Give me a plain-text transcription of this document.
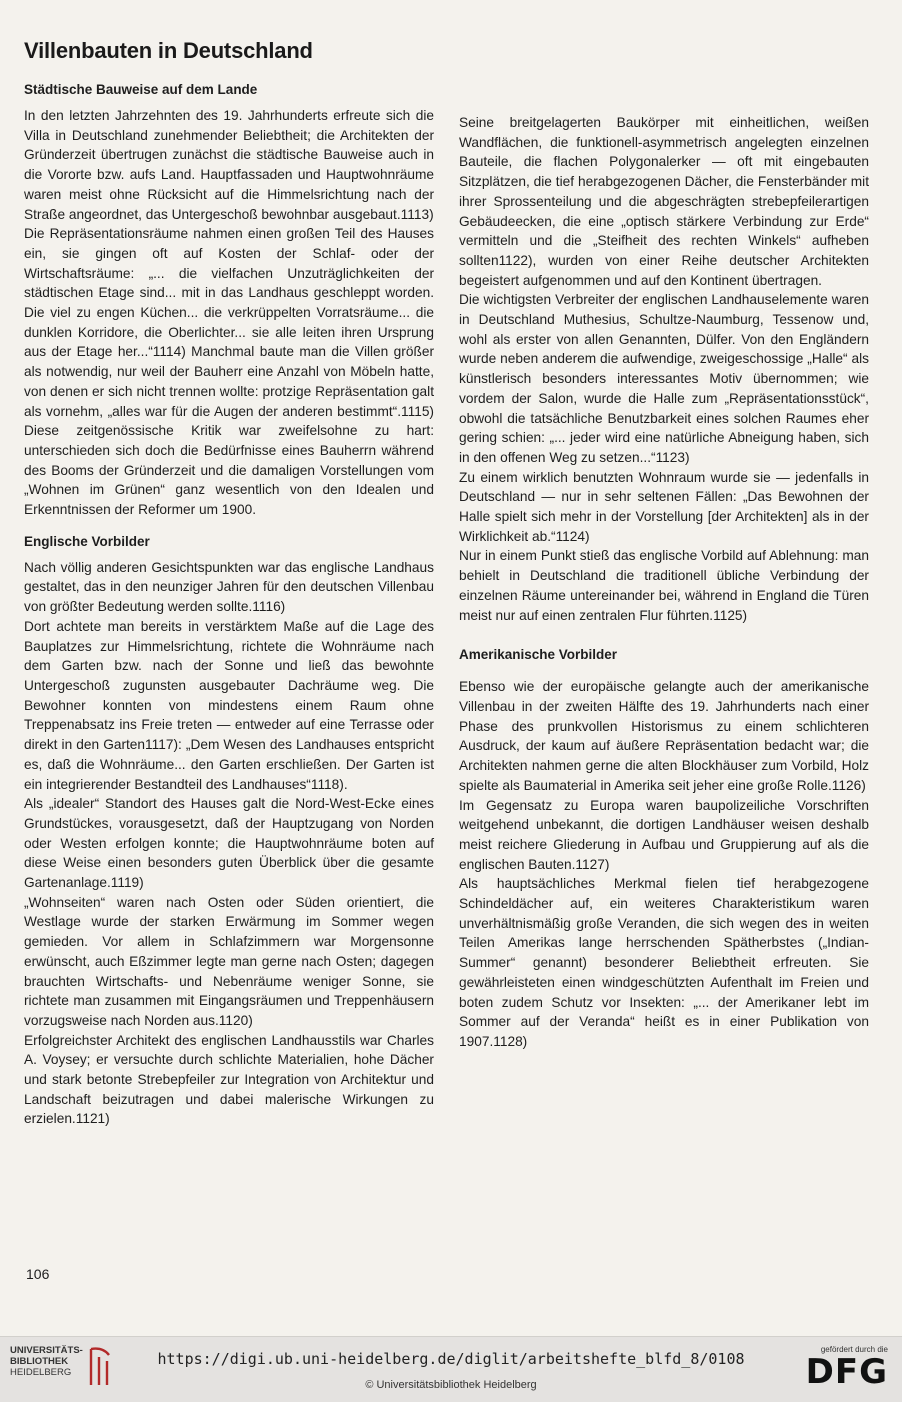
Villenbauten in Deutschland
Städtische Bauweise auf dem Lande

In den letzten Jahrzehnten des 19. Jahrhunderts erfreute sich die Villa in Deutschland zunehmender Beliebtheit; die Architekten der Gründerzeit übertrugen zunächst die städtische Bauweise auch in die Vororte bzw. aufs Land. Hauptfassaden und Hauptwohnräume waren meist ohne Rücksicht auf die Himmelsrichtung nach der Straße angeordnet, das Untergeschoß bewohnbar ausgebaut.1113)

Die Repräsentationsräume nahmen einen großen Teil des Hauses ein, sie gingen oft auf Kosten der Schlaf- oder der Wirtschaftsräume: „... die vielfachen Unzuträglichkeiten der städtischen Etage sind... mit in das Landhaus geschleppt worden. Die viel zu engen Küchen... die verkrüppelten Vorratsräume... die dunklen Korridore, die Oberlichter... sie alle leiten ihren Ursprung aus der Etage her...“1114) Manchmal baute man die Villen größer als notwendig, nur weil der Bauherr eine Anzahl von Möbeln hatte, von denen er sich nicht trennen wollte: protzige Repräsentation galt als vornehm, „alles war für die Augen der anderen bestimmt“.1115) Diese zeitgenössische Kritik war zweifelsohne zu hart: unterschieden sich doch die Bedürfnisse eines Bauherrn während des Booms der Gründerzeit und die damaligen Vorstellungen vom „Wohnen im Grünen“ ganz wesentlich von den Idealen und Erkenntnissen der Reformer um 1900.

Englische Vorbilder

Nach völlig anderen Gesichtspunkten war das englische Landhaus gestaltet, das in den neunziger Jahren für den deutschen Villenbau von größter Bedeutung werden sollte.1116)

Dort achtete man bereits in verstärktem Maße auf die Lage des Bauplatzes zur Himmelsrichtung, richtete die Wohnräume nach dem Garten bzw. nach der Sonne und ließ das bewohnte Untergeschoß zugunsten ausgebauter Dachräume weg. Die Bewohner konnten von mindestens einem Raum ohne Treppenabsatz ins Freie treten — entweder auf eine Terrasse oder direkt in den Garten1117): „Dem Wesen des Landhauses entspricht es, daß die Wohnräume... den Garten erschließen. Der Garten ist ein integrierender Bestandteil des Landhauses“1118).

Als „idealer“ Standort des Hauses galt die Nord-West-Ecke eines Grundstückes, vorausgesetzt, daß der Hauptzugang von Norden oder Westen erfolgen konnte; die Hauptwohnräume boten auf diese Weise einen besonders guten Überblick über die gesamte Gartenanlage.1119)

„Wohnseiten“ waren nach Osten oder Süden orientiert, die Westlage wurde der starken Erwärmung im Sommer wegen gemieden. Vor allem in Schlafzimmern war Morgensonne erwünscht, auch Eßzimmer legte man gerne nach Osten; dagegen brauchten Wirtschafts- und Nebenräume weniger Sonne, sie richtete man zusammen mit Eingangsräumen und Treppenhäusern vorzugsweise nach Norden aus.1120)

Erfolgreichster Architekt des englischen Landhausstils war Charles A. Voysey; er versuchte durch schlichte Materialien, hohe Dächer und stark betonte Strebepfeiler zur Integration von Architektur und Landschaft beizutragen und dabei malerische Wirkungen zu erzielen.1121)

Seine breitgelagerten Baukörper mit einheitlichen, weißen Wandflächen, die funktionell-asymmetrisch angelegten einzelnen Bauteile, die flachen Polygonalerker — oft mit eingebauten Sitzplätzen, die tief herabgezogenen Dächer, die Fensterbänder mit ihrer Sprossenteilung und die abgeschrägten strebepfeilerartigen Gebäudeecken, die eine „optisch stärkere Verbindung zur Erde“ vermitteln und die „Steifheit des rechten Winkels“ aufheben sollten1122), wurden von einer Reihe deutscher Architekten begeistert aufgenommen und auf den Kontinent übertragen.

Die wichtigsten Verbreiter der englischen Landhauselemente waren in Deutschland Muthesius, Schultze-Naumburg, Tessenow und, wohl als erster von allen Genannten, Dülfer. Von den Engländern wurde neben anderem die aufwendige, zweigeschossige „Halle“ als künstlerisch besonders interessantes Motiv übernommen; wie vordem der Salon, wurde die Halle zum „Repräsentationsstück“, obwohl die tatsächliche Benutzbarkeit eines solchen Raumes eher gering schien: „... jeder wird eine natürliche Abneigung haben, sich in den offenen Weg zu setzen...“1123)

Zu einem wirklich benutzten Wohnraum wurde sie — jedenfalls in Deutschland — nur in sehr seltenen Fällen: „Das Bewohnen der Halle spielt sich mehr in der Vorstellung [der Architekten] als in der Wirklichkeit ab.“1124)

Nur in einem Punkt stieß das englische Vorbild auf Ablehnung: man behielt in Deutschland die traditionell übliche Verbindung der einzelnen Räume untereinander bei, während in England die Türen meist nur auf einen zentralen Flur führten.1125)

Amerikanische Vorbilder

Ebenso wie der europäische gelangte auch der amerikanische Villenbau in der zweiten Hälfte des 19. Jahrhunderts nach einer Phase des prunkvollen Historismus zu einem schlichteren Ausdruck, der kaum auf äußere Repräsentation bedacht war; die Architekten nahmen gerne die alten Blockhäuser zum Vorbild, Holz spielte als Baumaterial in Amerika seit jeher eine große Rolle.1126)

Im Gegensatz zu Europa waren baupolizeiliche Vorschriften weitgehend unbekannt, die dortigen Landhäuser weisen deshalb meist reichere Gliederung in Aufbau und Gruppierung auf als die englischen Bauten.1127)

Als hauptsächliches Merkmal fielen tief herabgezogene Schindeldächer auf, ein weiteres Charakteristikum waren unverhältnismäßig große Veranden, die sich wegen des in weiten Teilen Amerikas lange herrschenden Spätherbstes („Indian-Summer“ genannt) besonderer Beliebtheit erfreuten. Sie gewährleisteten einen windgeschützten Aufenthalt im Freien und boten zudem Schutz vor Insekten: „... der Amerikaner lebt im Sommer auf der Veranda“ heißt es in einer Publikation von 1907.1128)

106
UNIVERSITÄTS-
BIBLIOTHEK
HEIDELBERG
https://digi.ub.uni-heidelberg.de/diglit/arbeitshefte_blfd_8/0108
© Universitätsbibliothek Heidelberg
gefördert durch die
DFG
